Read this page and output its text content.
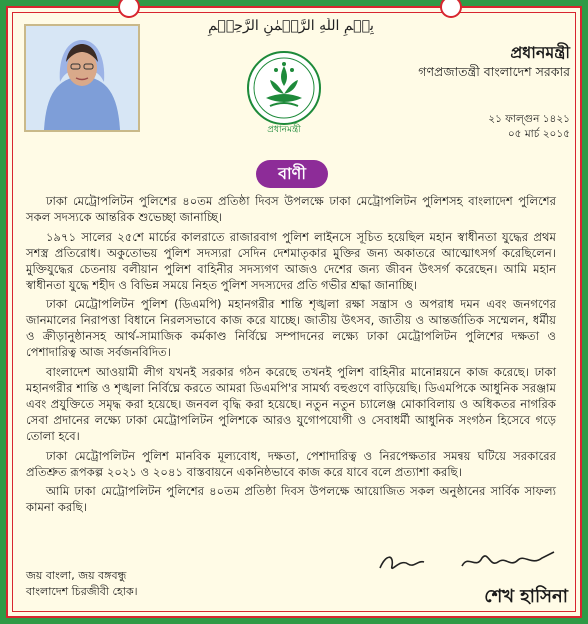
بِسۡمِ اللّٰهِ الرَّحۡمٰنِ الرَّحِیۡمِ
প্রধানমন্ত্রী
প্রধানমন্ত্রী
গণপ্রজাতন্ত্রী বাংলাদেশ সরকার
২১ ফাল্গুন ১৪২১
০৫ মার্চ ২০১৫
বাণী

ঢাকা মেট্রোপলিটন পুলিশের ৪০তম প্রতিষ্ঠা দিবস উপলক্ষে ঢাকা মেট্রোপলিটন পুলিশসহ বাংলাদেশ পুলিশের সকল সদস্যকে আন্তরিক শুভেচ্ছা জানাচ্ছি।

১৯৭১ সালের ২৫শে মার্চের কালরাতে রাজারবাগ পুলিশ লাইনসে সূচিত হয়েছিল মহান স্বাধীনতা যুদ্ধের প্রথম সশস্ত্র প্রতিরোধ। অকুতোভয় পুলিশ সদস্যরা সেদিন দেশমাতৃকার মুক্তির জন্য অকাতরে আত্মোৎসর্গ করেছিলেন। মুক্তিযুদ্ধের চেতনায় বলীয়ান পুলিশ বাহিনীর সদস্যগণ আজও দেশের জন্য জীবন উৎসর্গ করেছেন। আমি মহান স্বাধীনতা যুদ্ধে শহীদ ও বিভিন্ন সময়ে নিহত পুলিশ সদস্যদের প্রতি গভীর শ্রদ্ধা জানাচ্ছি।

ঢাকা মেট্রোপলিটন পুলিশ (ডিএমপি) মহানগরীর শান্তি শৃঙ্খলা রক্ষা সন্ত্রাস ও অপরাধ দমন এবং জনগণের জানমালের নিরাপত্তা বিধানে নিরলসভাবে কাজ করে যাচ্ছে। জাতীয় উৎসব, জাতীয় ও আন্তর্জাতিক সম্মেলন, ধর্মীয় ও ক্রীড়ানুষ্ঠানসহ আর্থ-সামাজিক কর্মকাণ্ড নির্বিঘ্নে সম্পাদনের লক্ষ্যে ঢাকা মেট্রোপলিটন পুলিশের দক্ষতা ও পেশাদারিত্ব আজ সর্বজনবিদিত।

বাংলাদেশ আওয়ামী লীগ যখনই সরকার গঠন করেছে তখনই পুলিশ বাহিনীর মানোন্নয়নে কাজ করেছে। ঢাকা মহানগরীর শান্তি ও শৃঙ্খলা নির্বিঘ্নে করতে আমরা ডিএমপি'র সামর্থ্য বহুগুণে বাড়িয়েছি। ডিএমপিকে আধুনিক সরঞ্জাম এবং প্রযুক্তিতে সমৃদ্ধ করা হয়েছে। জনবল বৃদ্ধি করা হয়েছে। নতুন নতুন চ্যালেঞ্জ মোকাবিলায় ও অধিকতর নাগরিক সেবা প্রদানের লক্ষ্যে ঢাকা মেট্রোপলিটন পুলিশকে আরও যুগোপযোগী ও সেবাধর্মী আধুনিক সংগঠন হিসেবে গড়ে তোলা হবে।

ঢাকা মেট্রোপলিটন পুলিশ মানবিক মূল্যবোধ, দক্ষতা, পেশাদারিত্ব ও নিরপেক্ষতার সমন্বয় ঘটিয়ে সরকারের প্রতিশ্রুত রূপকল্প ২০২১ ও ২০৪১ বাস্তবায়নে একনিষ্ঠভাবে কাজ করে যাবে বলে প্রত্যাশা করছি।

আমি ঢাকা মেট্রোপলিটন পুলিশের ৪০তম প্রতিষ্ঠা দিবস উপলক্ষে আয়োজিত সকল অনুষ্ঠানের সার্বিক সাফল্য কামনা করছি।

জয় বাংলা, জয় বঙ্গবন্ধু
বাংলাদেশ চিরজীবী হোক।	শেখ হাসিনা
